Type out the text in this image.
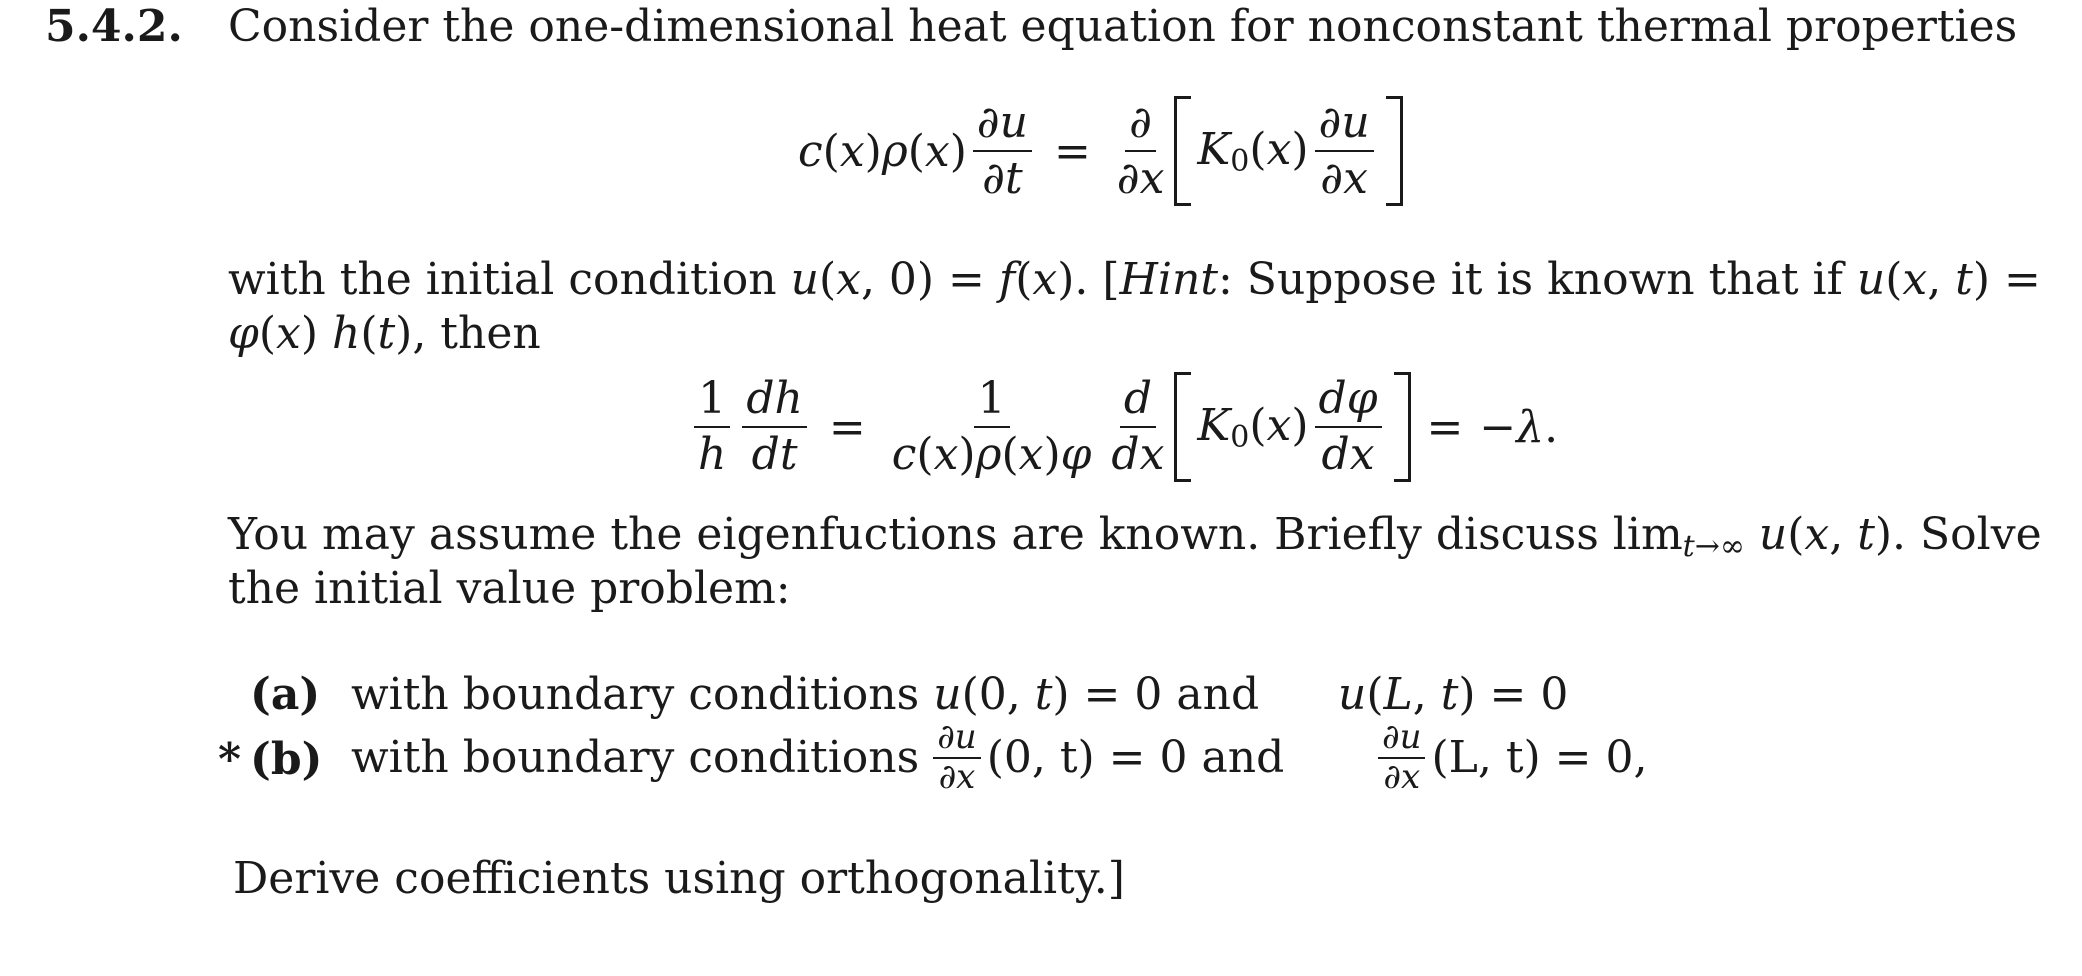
5.4.2. Consider the one-dimensional heat equation for nonconstant thermal properties
$c(x)\rho(x) \frac{\partial u}{\partial t} = \frac{\partial}{\partial x} K_0(x) \frac{\partial u}{\partial x}$
with the initial condition u(x, 0) = f(x). [Hint: Suppose it is known that if u(x, t) =
φ(x) h(t), then
$\frac{1}{h} \frac{dh}{dt} = \frac{1}{c(x)\rho(x)\varphi} \frac{d}{dx} K_0(x) \frac{d\varphi}{dx} = -\lambda$.
You may assume the eigenfuctions are known. Briefly discuss $\lim_{t\to\infty} u(x$, t). Solve
the initial value problem:
(a) with boundary conditions u(0, t) = 0 and u(L, t) = 0
* (b) with boundary conditions $\frac{\partial u}{\partial x} (0$, t) = 0 and	$\frac{\partial u}{\partial x} (L$, t) = 0,
Derive coefficients using orthogonality.]
